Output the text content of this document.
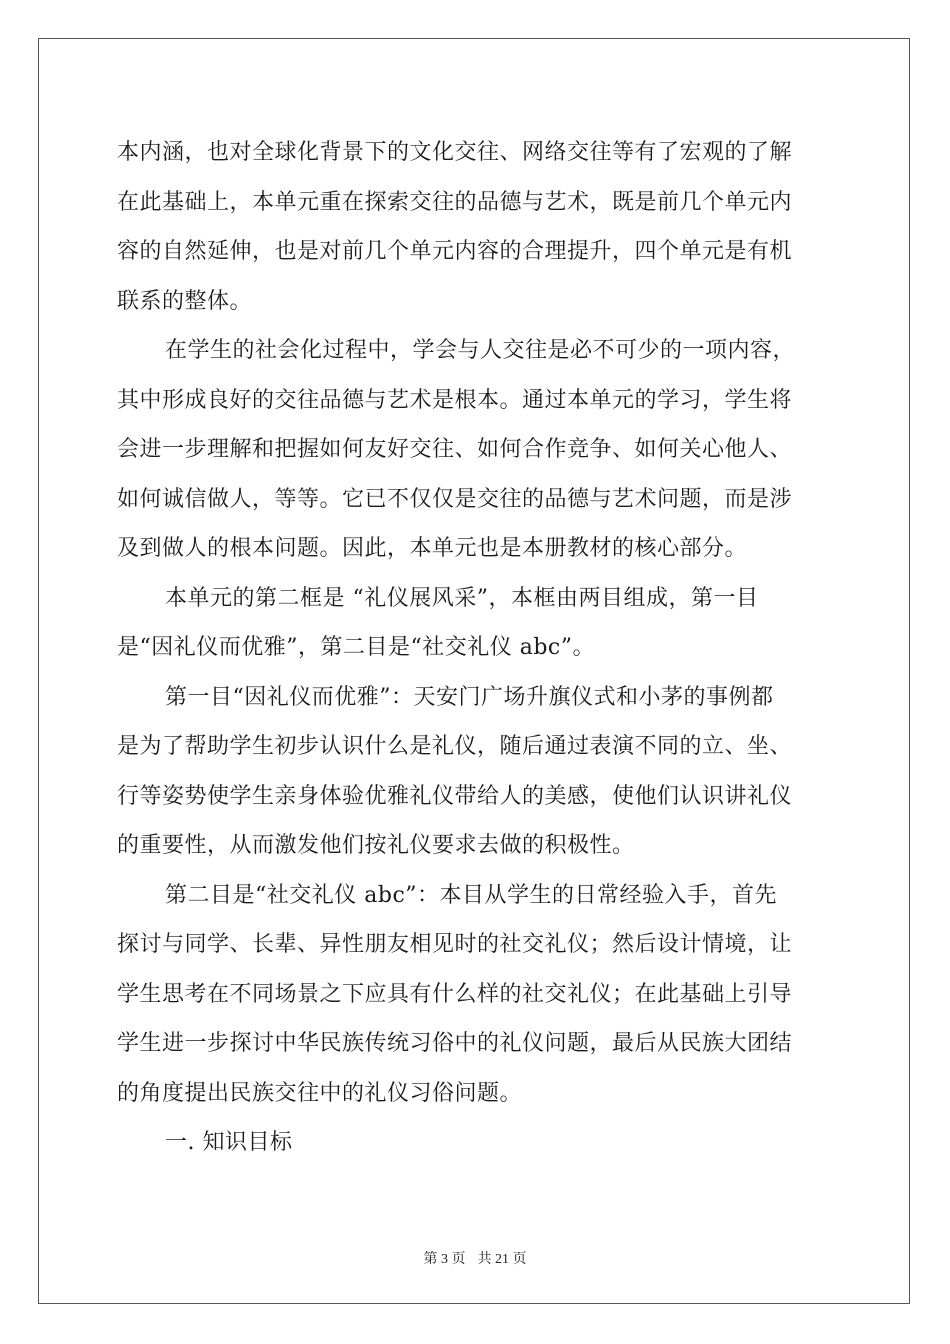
本内涵，也对全球化背景下的文化交往、网络交往等有了宏观的了解
在此基础上，本单元重在探索交往的品德与艺术，既是前几个单元内
容的自然延伸，也是对前几个单元内容的合理提升，四个单元是有机
联系的整体。
在学生的社会化过程中，学会与人交往是必不可少的一项内容，
其中形成良好的交往品德与艺术是根本。通过本单元的学习，学生将
会进一步理解和把握如何友好交往、如何合作竞争、如何关心他人、
如何诚信做人，等等。它已不仅仅是交往的品德与艺术问题，而是涉
及到做人的根本问题。因此，本单元也是本册教材的核心部分。
本单元的第二框是 “礼仪展风采”，本框由两目组成，第一目
是“因礼仪而优雅”，第二目是“社交礼仪 abc”。
第一目“因礼仪而优雅”：天安门广场升旗仪式和小茅的事例都
是为了帮助学生初步认识什么是礼仪，随后通过表演不同的立、坐、
行等姿势使学生亲身体验优雅礼仪带给人的美感，使他们认识讲礼仪
的重要性，从而激发他们按礼仪要求去做的积极性。
第二目是“社交礼仪 abc”：本目从学生的日常经验入手，首先
探讨与同学、长辈、异性朋友相见时的社交礼仪；然后设计情境，让
学生思考在不同场景之下应具有什么样的社交礼仪；在此基础上引导
学生进一步探讨中华民族传统习俗中的礼仪问题，最后从民族大团结
的角度提出民族交往中的礼仪习俗问题。
一. 知识目标
第 3 页 共 21 页
